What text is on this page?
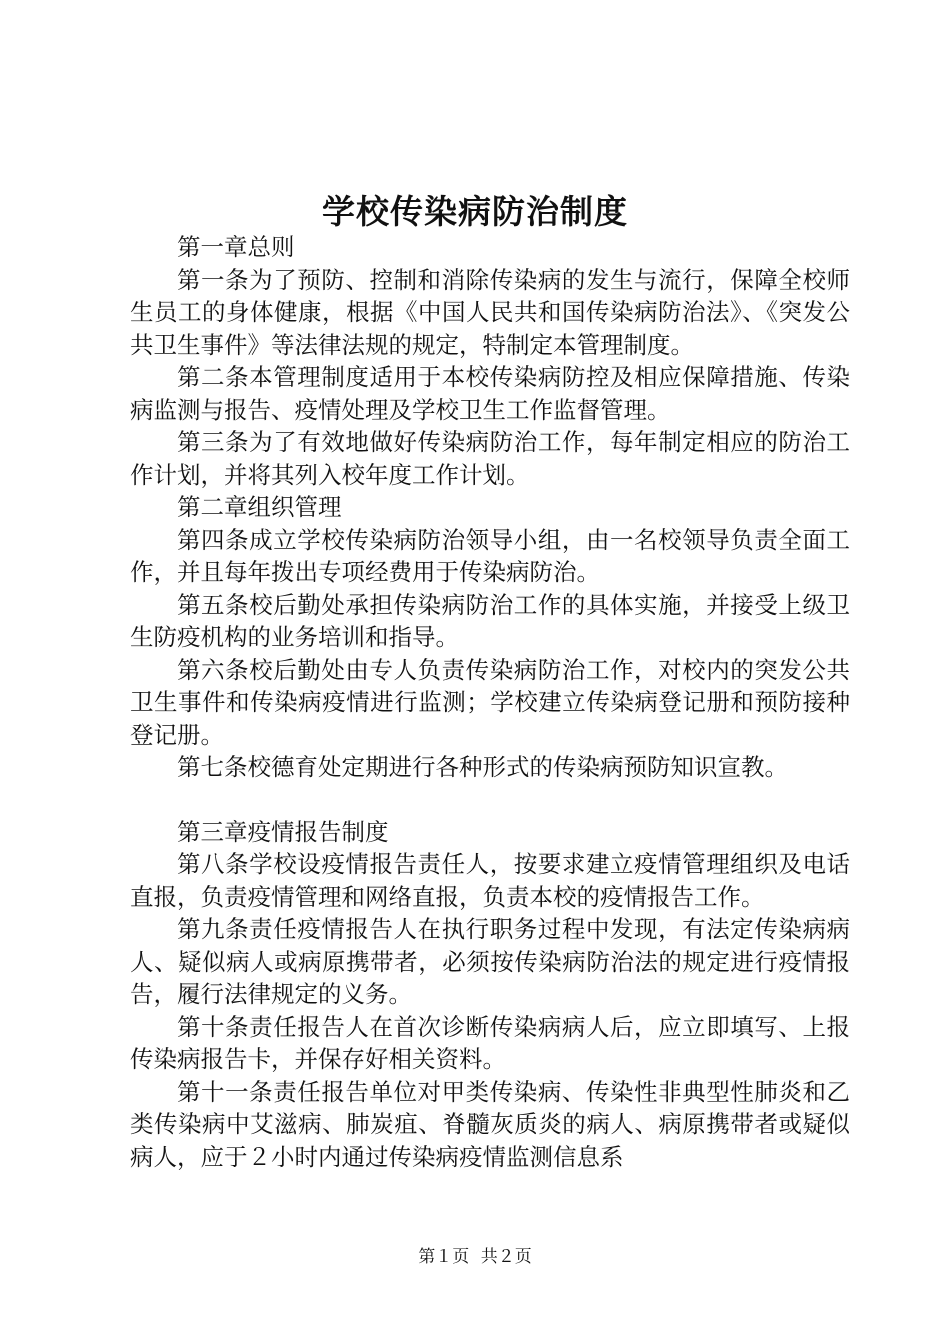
学校传染病防治制度

第一章总则

第一条为了预防、控制和消除传染病的发生与流行，保障全校师生员工的身体健康，根据《中国人民共和国传染病防治法》、《突发公共卫生事件》等法律法规的规定，特制定本管理制度。

第二条本管理制度适用于本校传染病防控及相应保障措施、传染病监测与报告、疫情处理及学校卫生工作监督管理。

第三条为了有效地做好传染病防治工作，每年制定相应的防治工作计划，并将其列入校年度工作计划。

第二章组织管理

第四条成立学校传染病防治领导小组，由一名校领导负责全面工作，并且每年拨出专项经费用于传染病防治。

第五条校后勤处承担传染病防治工作的具体实施，并接受上级卫生防疫机构的业务培训和指导。

第六条校后勤处由专人负责传染病防治工作，对校内的突发公共卫生事件和传染病疫情进行监测；学校建立传染病登记册和预防接种登记册。

第七条校德育处定期进行各种形式的传染病预防知识宣教。

第三章疫情报告制度

第八条学校设疫情报告责任人，按要求建立疫情管理组织及电话直报，负责疫情管理和网络直报，负责本校的疫情报告工作。

第九条责任疫情报告人在执行职务过程中发现，有法定传染病病人、疑似病人或病原携带者，必须按传染病防治法的规定进行疫情报告，履行法律规定的义务。

第十条责任报告人在首次诊断传染病病人后，应立即填写、上报传染病报告卡，并保存好相关资料。

第十一条责任报告单位对甲类传染病、传染性非典型性肺炎和乙类传染病中艾滋病、肺炭疽、脊髓灰质炎的病人、病原携带者或疑似病人，应于２小时内通过传染病疫情监测信息系

第１页 共２页
